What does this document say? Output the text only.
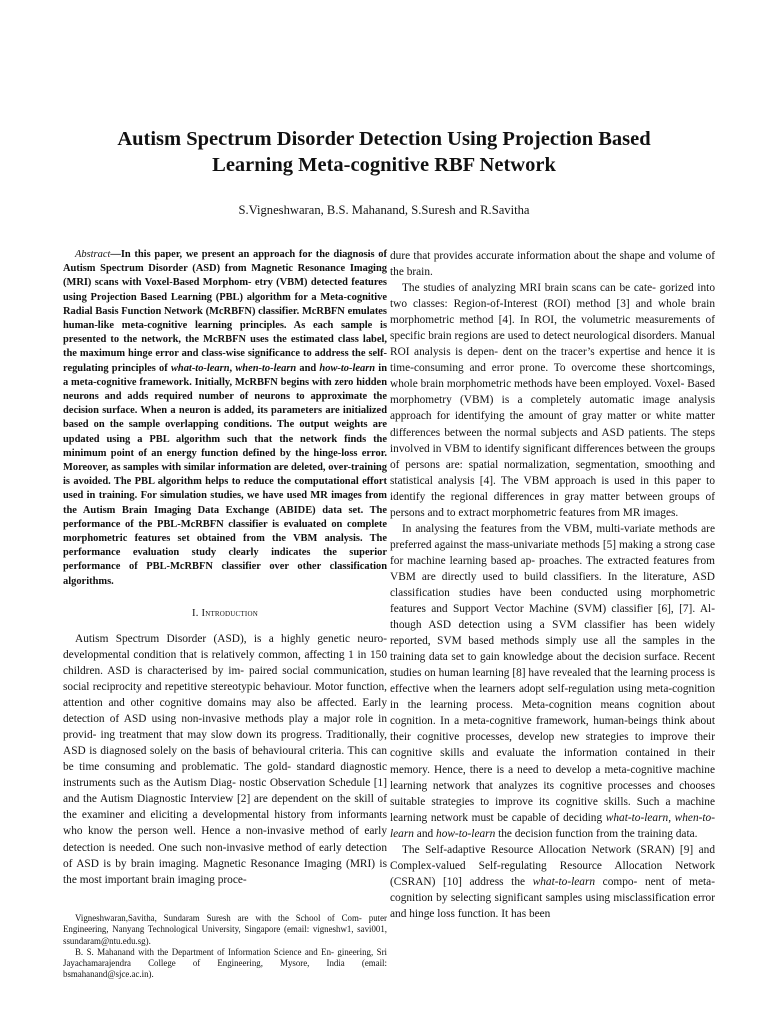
Autism Spectrum Disorder Detection Using Projection Based
Learning Meta-cognitive RBF Network

S.Vigneshwaran, B.S. Mahanand, S.Suresh and R.Savitha

Abstract—In this paper, we present an approach for the diagnosis of Autism Spectrum Disorder (ASD) from Magnetic Resonance Imaging (MRI) scans with Voxel-Based Morphom- etry (VBM) detected features using Projection Based Learning (PBL) algorithm for a Meta-cognitive Radial Basis Function Network (McRBFN) classifier. McRBFN emulates human-like meta-cognitive learning principles. As each sample is presented to the network, the McRBFN uses the estimated class label, the maximum hinge error and class-wise significance to address the self-regulating principles of what-to-learn, when-to-learn and how-to-learn in a meta-cognitive framework. Initially, McRBFN begins with zero hidden neurons and adds required number of neurons to approximate the decision surface. When a neuron is added, its parameters are initialized based on the sample overlapping conditions. The output weights are updated using a PBL algorithm such that the network finds the minimum point of an energy function defined by the hinge-loss error. Moreover, as samples with similar information are deleted, over-training is avoided. The PBL algorithm helps to reduce the computational effort used in training. For simulation studies, we have used MR images from the Autism Brain Imaging Data Exchange (ABIDE) data set. The performance of the PBL-McRBFN classifier is evaluated on complete morphometric features set obtained from the VBM analysis. The performance evaluation study clearly indicates the superior performance of PBL-McRBFN classifier over other classification algorithms.

I. Introduction

Autism Spectrum Disorder (ASD), is a highly genetic neuro-developmental condition that is relatively common, affecting 1 in 150 children. ASD is characterised by im- paired social communication, social reciprocity and repetitive stereotypic behaviour. Motor function, attention and other cognitive domains may also be affected. Early detection of ASD using non-invasive methods play a major role in provid- ing treatment that may slow down its progress. Traditionally, ASD is diagnosed solely on the basis of behavioural criteria. This can be time consuming and problematic. The gold- standard diagnostic instruments such as the Autism Diag- nostic Observation Schedule [1] and the Autism Diagnostic Interview [2] are dependent on the skill of the examiner and eliciting a developmental history from informants who know the person well. Hence a non-invasive method of early detection is needed. One such non-invasive method of early detection of ASD is by brain imaging. Magnetic Resonance Imaging (MRI) is the most important brain imaging proce-

Vigneshwaran,Savitha, Sundaram Suresh are with the School of Com- puter Engineering, Nanyang Technological University, Singapore (email: vigneshw1, savi001, ssundaram@ntu.edu.sg).

B. S. Mahanand with the Department of Information Science and En- gineering, Sri Jayachamarajendra College of Engineering, Mysore, India (email: bsmahanand@sjce.ac.in).

dure that provides accurate information about the shape and volume of the brain.

The studies of analyzing MRI brain scans can be cate- gorized into two classes: Region-of-Interest (ROI) method [3] and whole brain morphometric method [4]. In ROI, the volumetric measurements of specific brain regions are used to detect neurological disorders. Manual ROI analysis is depen- dent on the tracer’s expertise and hence it is time-consuming and error prone. To overcome these shortcomings, whole brain morphometric methods have been employed. Voxel- Based morphometry (VBM) is a completely automatic image analysis approach for identifying the amount of gray matter or white matter differences between the normal subjects and ASD patients. The steps involved in VBM to identify significant differences between the groups of persons are: spatial normalization, segmentation, smoothing and statistical analysis [4]. The VBM approach is used in this paper to identify the regional differences in gray matter between groups of persons and to extract morphometric features from MR images.

In analysing the features from the VBM, multi-variate methods are preferred against the mass-univariate methods [5] making a strong case for machine learning based ap- proaches. The extracted features from VBM are directly used to build classifiers. In the literature, ASD classification studies have been conducted using morphometric features and Support Vector Machine (SVM) classifier [6], [7]. Al- though ASD detection using a SVM classifier has been widely reported, SVM based methods simply use all the samples in the training data set to gain knowledge about the decision surface. Recent studies on human learning [8] have revealed that the learning process is effective when the learners adopt self-regulation using meta-cognition in the learning process. Meta-cognition means cognition about cognition. In a meta-cognitive framework, human-beings think about their cognitive processes, develop new strategies to improve their cognitive skills and evaluate the information contained in their memory. Hence, there is a need to develop a meta-cognitive machine learning network that analyzes its cognitive processes and chooses suitable strategies to improve its cognitive skills. Such a machine learning network must be capable of deciding what-to-learn, when-to-learn and how-to-learn the decision function from the training data.

The Self-adaptive Resource Allocation Network (SRAN) [9] and Complex-valued Self-regulating Resource Allocation Network (CSRAN) [10] address the what-to-learn compo- nent of meta-cognition by selecting significant samples using misclassification error and hinge loss function. It has been
